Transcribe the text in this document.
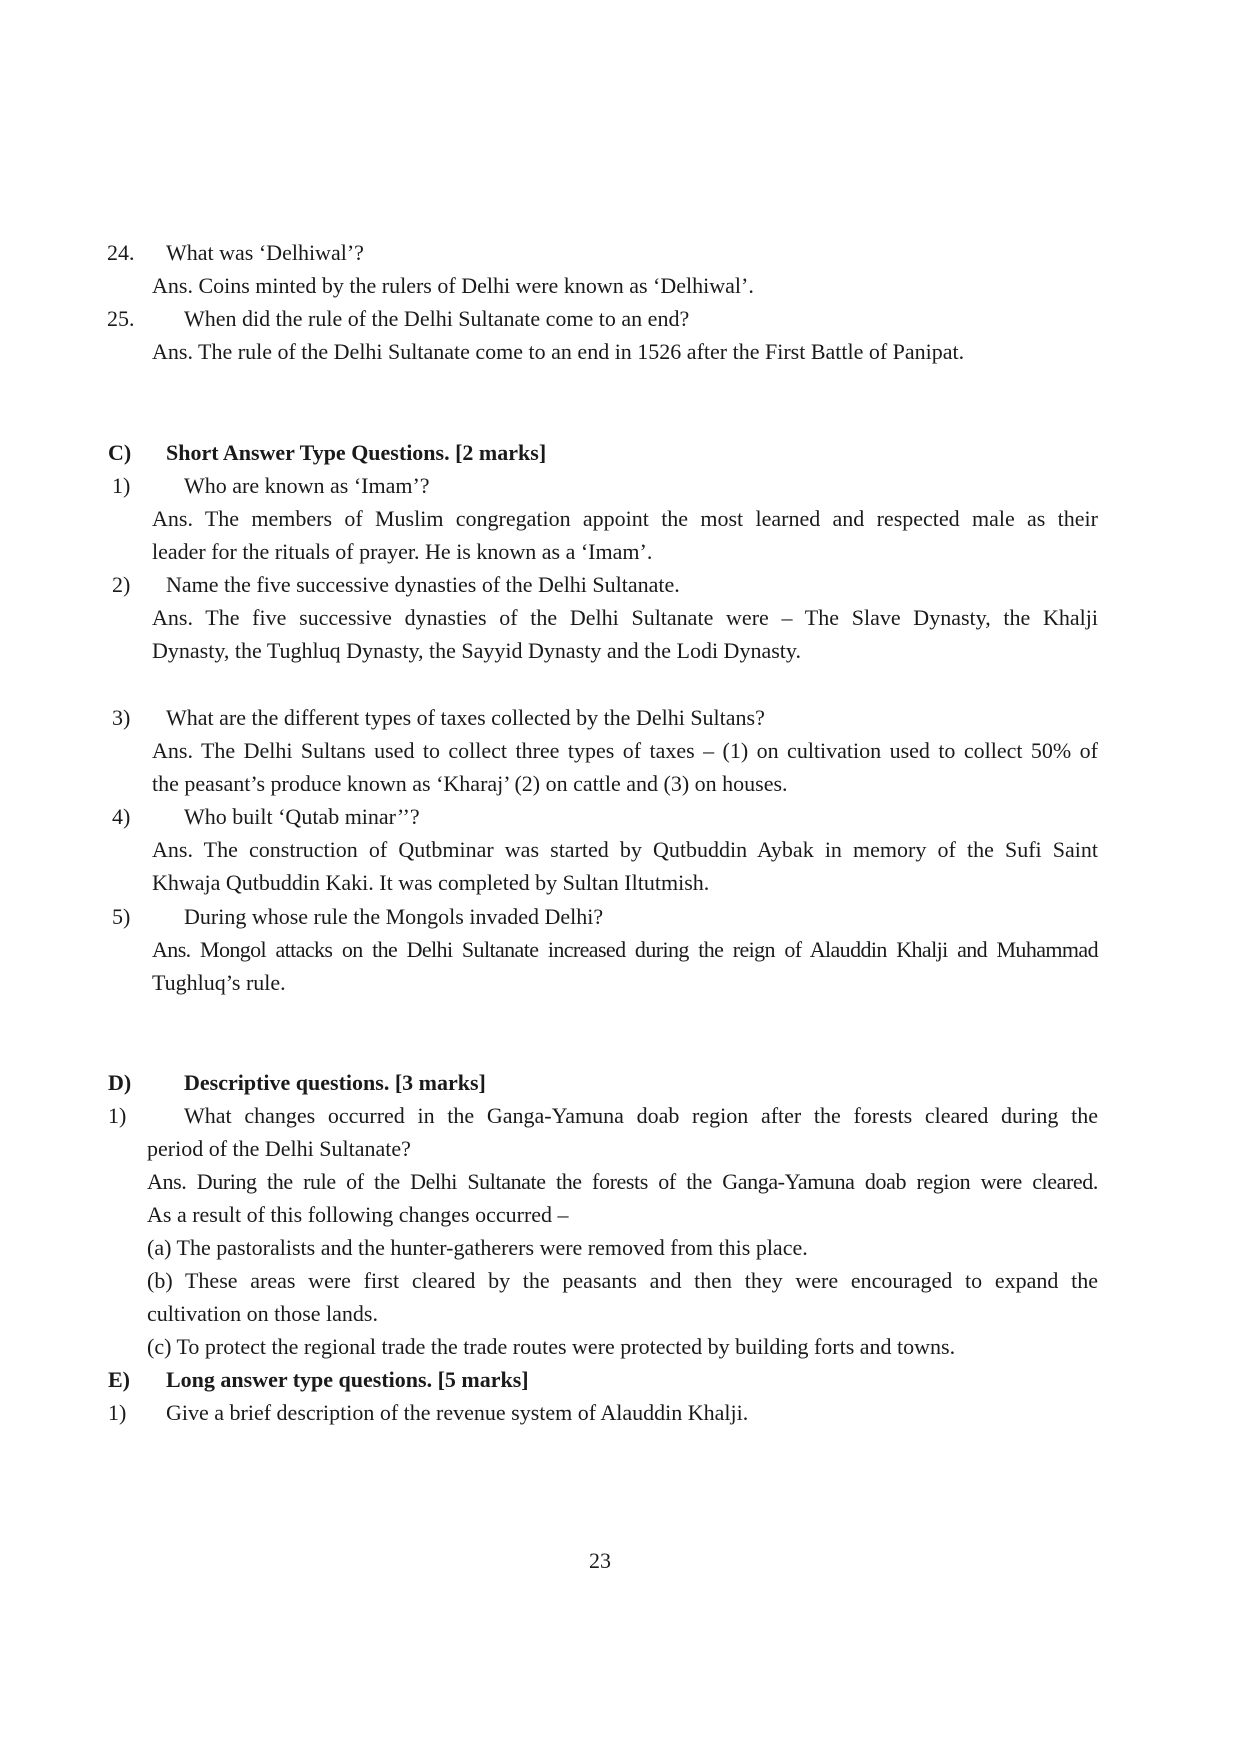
24. What was ‘Delhiwal’?
Ans. Coins minted by the rulers of Delhi were known as ‘Delhiwal’.
25. When did the rule of the Delhi Sultanate come to an end?
Ans. The rule of the Delhi Sultanate come to an end in 1526 after the First Battle of Panipat.
C) Short Answer Type Questions. [2 marks]
1) Who are known as ‘Imam’?
Ans. The members of Muslim congregation appoint the most learned and respected male as their
leader for the rituals of prayer. He is known as a ‘Imam’.
2) Name the five successive dynasties of the Delhi Sultanate.
Ans. The five successive dynasties of the Delhi Sultanate were – The Slave Dynasty, the Khalji
Dynasty, the Tughluq Dynasty, the Sayyid Dynasty and the Lodi Dynasty.
3) What are the different types of taxes collected by the Delhi Sultans?
Ans. The Delhi Sultans used to collect three types of taxes – (1) on cultivation used to collect 50% of
the peasant’s produce known as ‘Kharaj’ (2) on cattle and (3) on houses.
4) Who built ‘Qutab minar’’?
Ans. The construction of Qutbminar was started by Qutbuddin Aybak in memory of the Sufi Saint
Khwaja Qutbuddin Kaki. It was completed by Sultan Iltutmish.
5) During whose rule the Mongols invaded Delhi?
Ans. Mongol attacks on the Delhi Sultanate increased during the reign of Alauddin Khalji and Muhammad
Tughluq’s rule.
D) Descriptive questions. [3 marks]
1)	What changes occurred in the Ganga-Yamuna doab region after the forests cleared during the
period of the Delhi Sultanate?
Ans. During the rule of the Delhi Sultanate the forests of the Ganga-Yamuna doab region were cleared.
As a result of this following changes occurred –
(a) The pastoralists and the hunter-gatherers were removed from this place.
(b) These areas were first cleared by the peasants and then they were encouraged to expand the
cultivation on those lands.
(c) To protect the regional trade the trade routes were protected by building forts and towns.
E) Long answer type questions. [5 marks]
1) Give a brief description of the revenue system of Alauddin Khalji.
23
